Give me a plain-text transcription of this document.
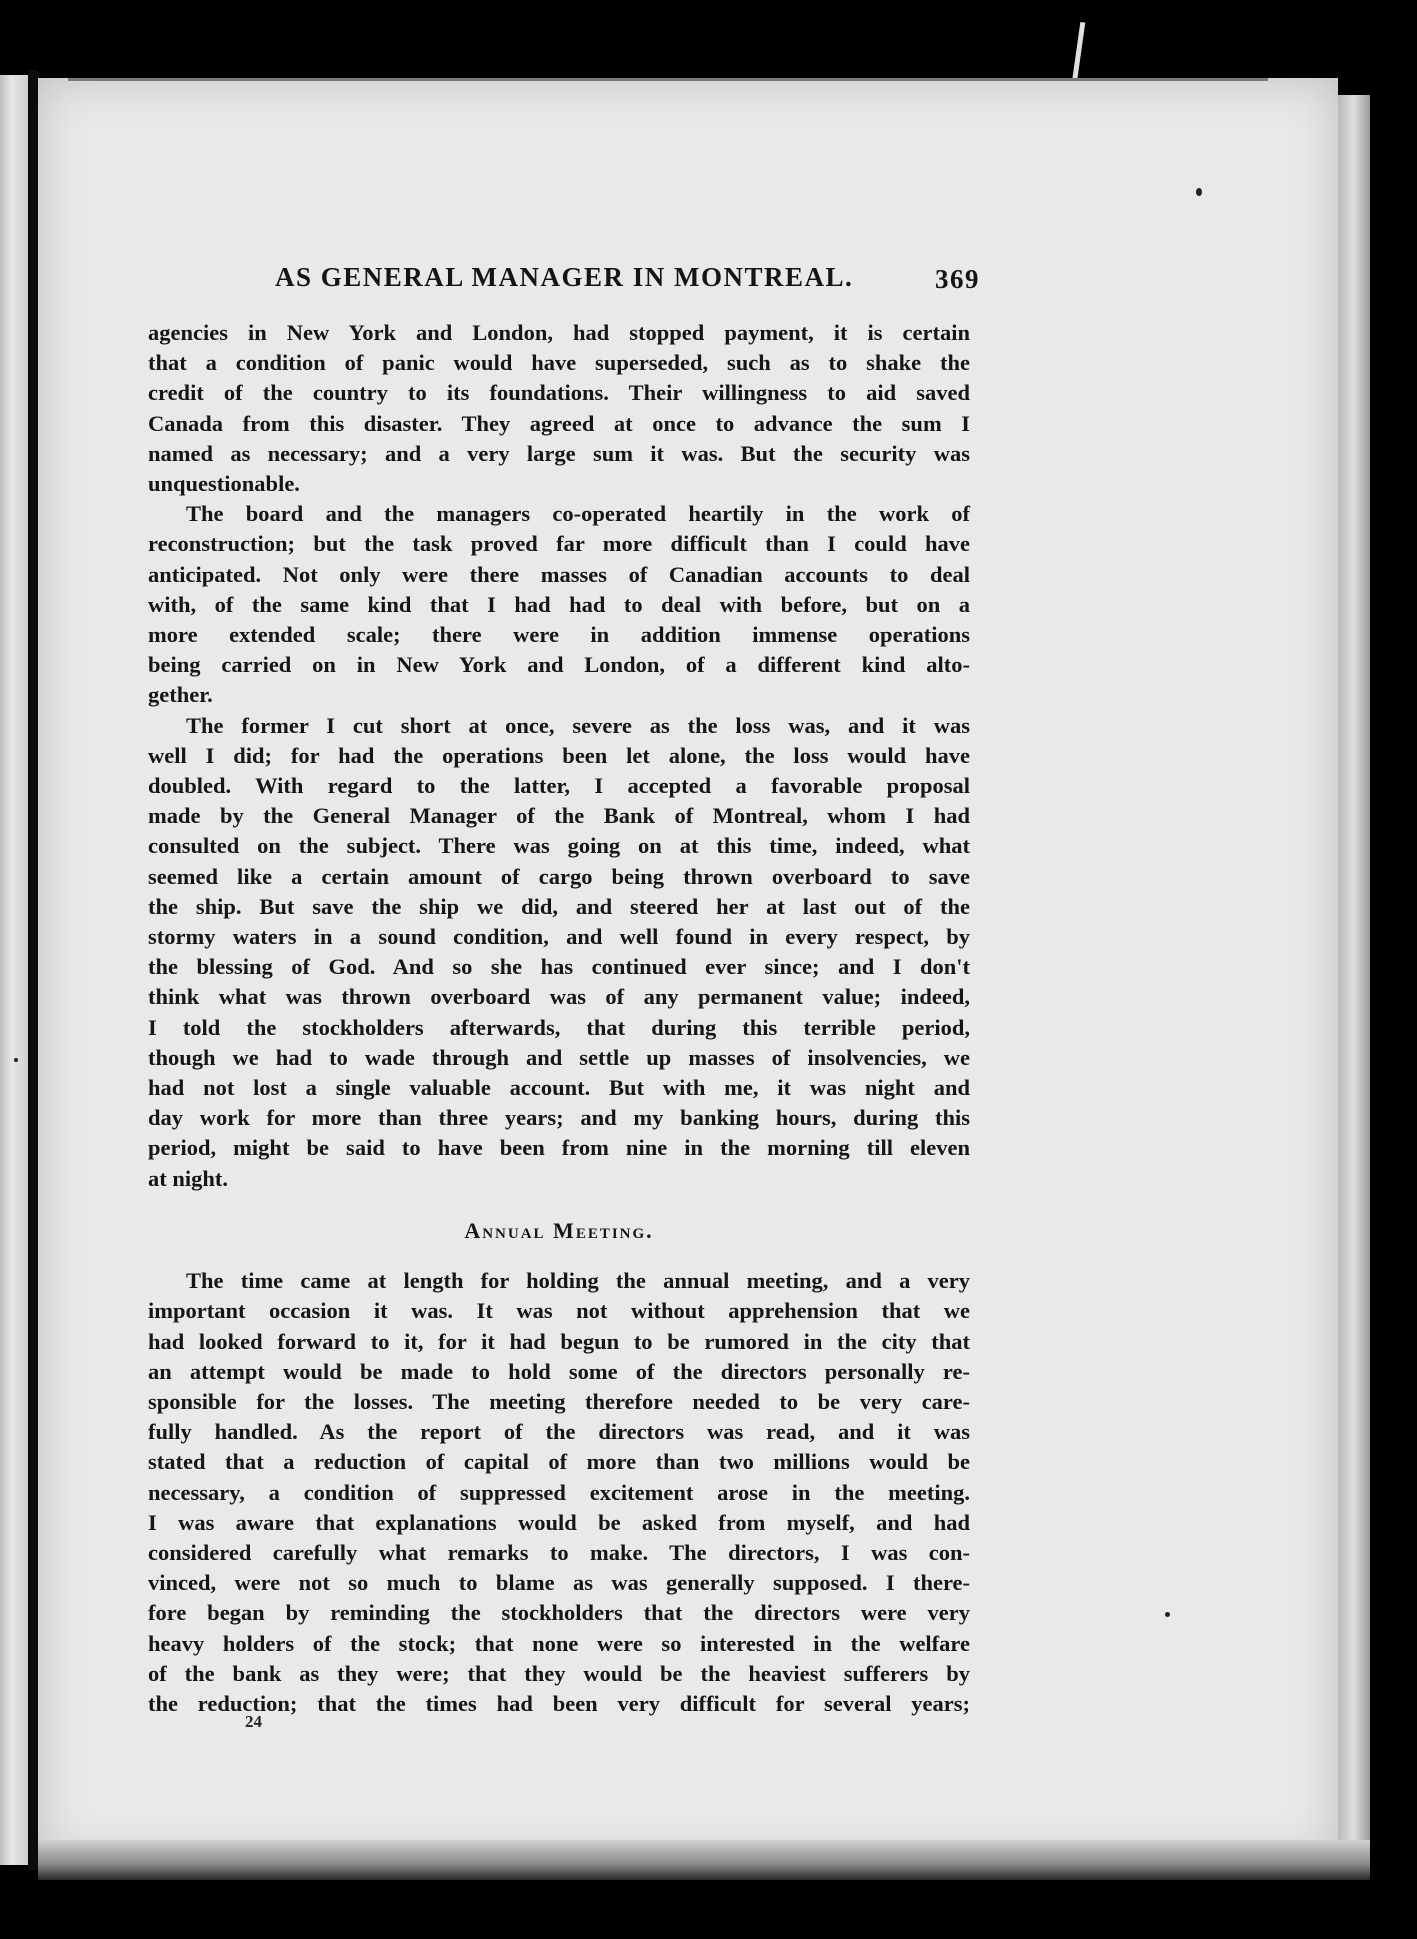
AS GENERAL MANAGER IN MONTREAL.	369

agencies in New York and London, had stopped payment, it is certain
that a condition of panic would have superseded, such as to shake the
credit of the country to its foundations. Their willingness to aid saved
Canada from this disaster. They agreed at once to advance the sum I
named as necessary; and a very large sum it was. But the security was
unquestionable.

The board and the managers co-operated heartily in the work of
reconstruction; but the task proved far more difficult than I could have
anticipated. Not only were there masses of Canadian accounts to deal
with, of the same kind that I had had to deal with before, but on a
more extended scale; there were in addition immense operations
being carried on in New York and London, of a different kind alto-
gether.

The former I cut short at once, severe as the loss was, and it was
well I did; for had the operations been let alone, the loss would have
doubled. With regard to the latter, I accepted a favorable proposal
made by the General Manager of the Bank of Montreal, whom I had
consulted on the subject. There was going on at this time, indeed, what
seemed like a certain amount of cargo being thrown overboard to save
the ship. But save the ship we did, and steered her at last out of the
stormy waters in a sound condition, and well found in every respect, by
the blessing of God. And so she has continued ever since; and I don't
think what was thrown overboard was of any permanent value; indeed,
I told the stockholders afterwards, that during this terrible period,
though we had to wade through and settle up masses of insolvencies, we
had not lost a single valuable account. But with me, it was night and
day work for more than three years; and my banking hours, during this
period, might be said to have been from nine in the morning till eleven
at night.

Annual Meeting.

The time came at length for holding the annual meeting, and a very
important occasion it was. It was not without apprehension that we
had looked forward to it, for it had begun to be rumored in the city that
an attempt would be made to hold some of the directors personally re-
sponsible for the losses. The meeting therefore needed to be very care-
fully handled. As the report of the directors was read, and it was
stated that a reduction of capital of more than two millions would be
necessary, a condition of suppressed excitement arose in the meeting.
I was aware that explanations would be asked from myself, and had
considered carefully what remarks to make. The directors, I was con-
vinced, were not so much to blame as was generally supposed. I there-
fore began by reminding the stockholders that the directors were very
heavy holders of the stock; that none were so interested in the welfare
of the bank as they were; that they would be the heaviest sufferers by
the reduction; that the times had been very difficult for several years;

24
